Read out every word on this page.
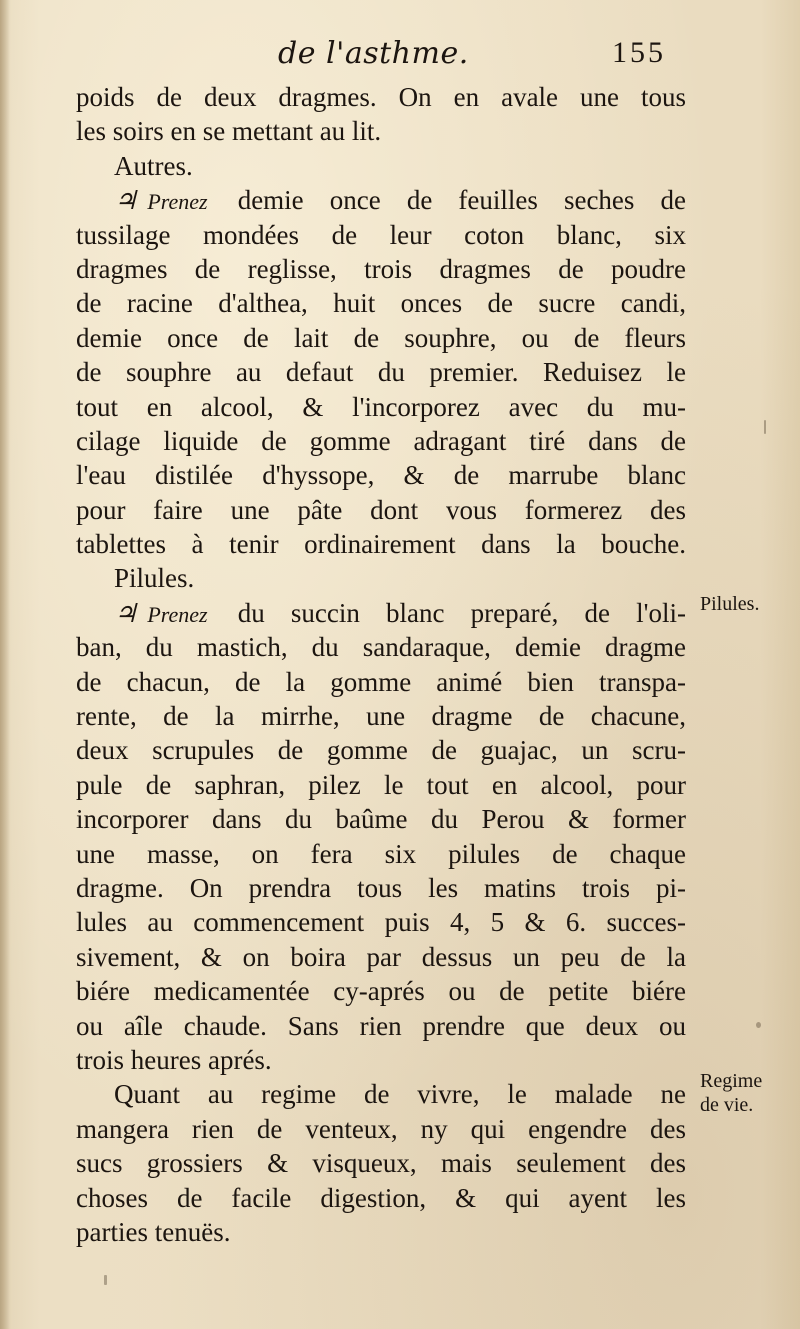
de l'asthme.	155
poids de deux dragmes. On en avale une tous
les soirs en se mettant au lit.
Autres.
♃ Prenez demie once de feuilles seches de
tussilage mondées de leur coton blanc, six
dragmes de reglisse, trois dragmes de poudre
de racine d'althea, huit onces de sucre candi,
demie once de lait de souphre, ou de fleurs
de souphre au defaut du premier. Reduisez le
tout en alcool, & l'incorporez avec du mu-
cilage liquide de gomme adragant tiré dans de
l'eau distilée d'hyssope, & de marrube blanc
pour faire une pâte dont vous formerez des
tablettes à tenir ordinairement dans la bouche.
Pilules.
♃ Prenez du succin blanc preparé, de l'oli-
ban, du mastich, du sandaraque, demie dragme
de chacun, de la gomme animé bien transpa-
rente, de la mirrhe, une dragme de chacune,
deux scrupules de gomme de guajac, un scru-
pule de saphran, pilez le tout en alcool, pour
incorporer dans du baûme du Perou & former
une masse, on fera six pilules de chaque
dragme. On prendra tous les matins trois pi-
lules au commencement puis 4, 5 & 6. succes-
sivement, & on boira par dessus un peu de la
biére medicamentée cy-aprés ou de petite biére
ou aîle chaude. Sans rien prendre que deux ou
trois heures aprés.
Quant au regime de vivre, le malade ne
mangera rien de venteux, ny qui engendre des
sucs grossiers & visqueux, mais seulement des
choses de facile digestion, & qui ayent les
parties tenuës.
Pilules.
Regime
de vie.
